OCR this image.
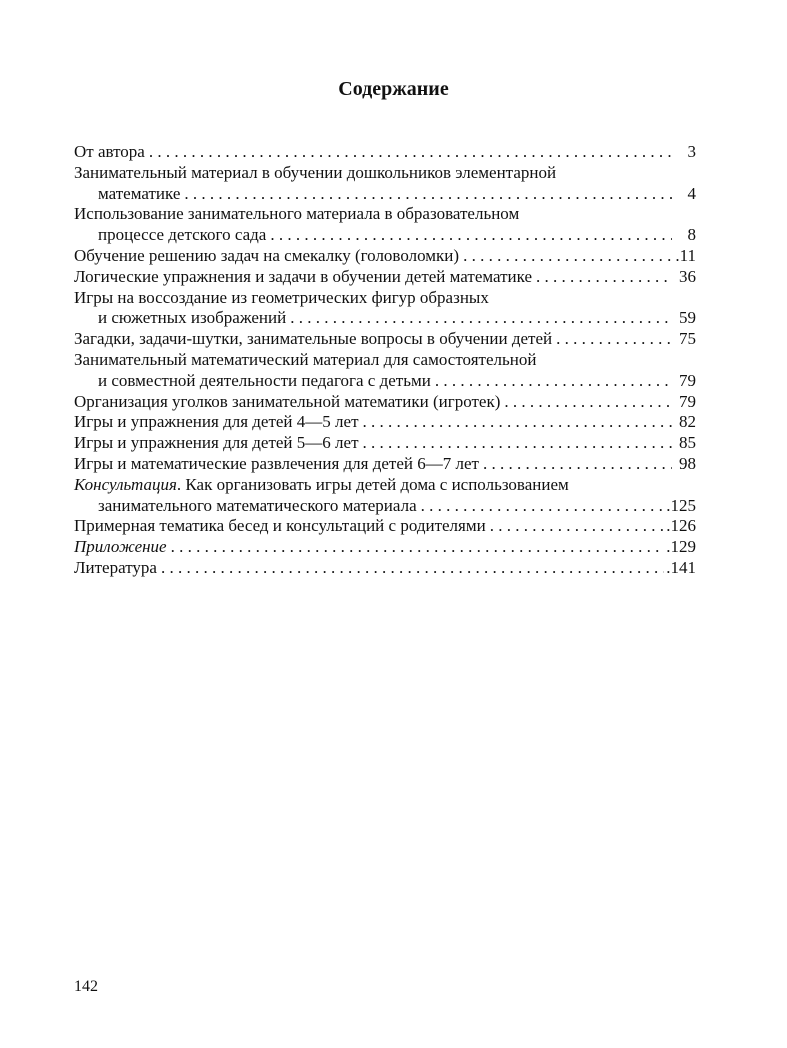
Содержание
От автора . . .	3
Занимательный материал в обучении дошкольников элементарной
математике . . .	4
Использование занимательного материала в образовательном
процессе детского сада . . .	8
Обучение решению задач на смекалку (головоломки) . . .	.11
Логические упражнения и задачи в обучении детей математике . . .	36
Игры на воссоздание из геометрических фигур образных
и сюжетных изображений . . .	59
Загадки, задачи-шутки, занимательные вопросы в обучении детей . . .	75
Занимательный математический материал для самостоятельной
и совместной деятельности педагога с детьми . . .	79
Организация уголков занимательной математики (игротек) . . .	79
Игры и упражнения для детей 4—5 лет . . .	82
Игры и упражнения для детей 5—6 лет . . .	85
Игры и математические развлечения для детей 6—7 лет . . .	98
Консультация . Как организовать игры детей дома с использованием
занимательного математического материала . . .	.125
Примерная тематика бесед и консультаций с родителями . . .	.126
Приложение . . .	.129
Литература . . .	.141
142
